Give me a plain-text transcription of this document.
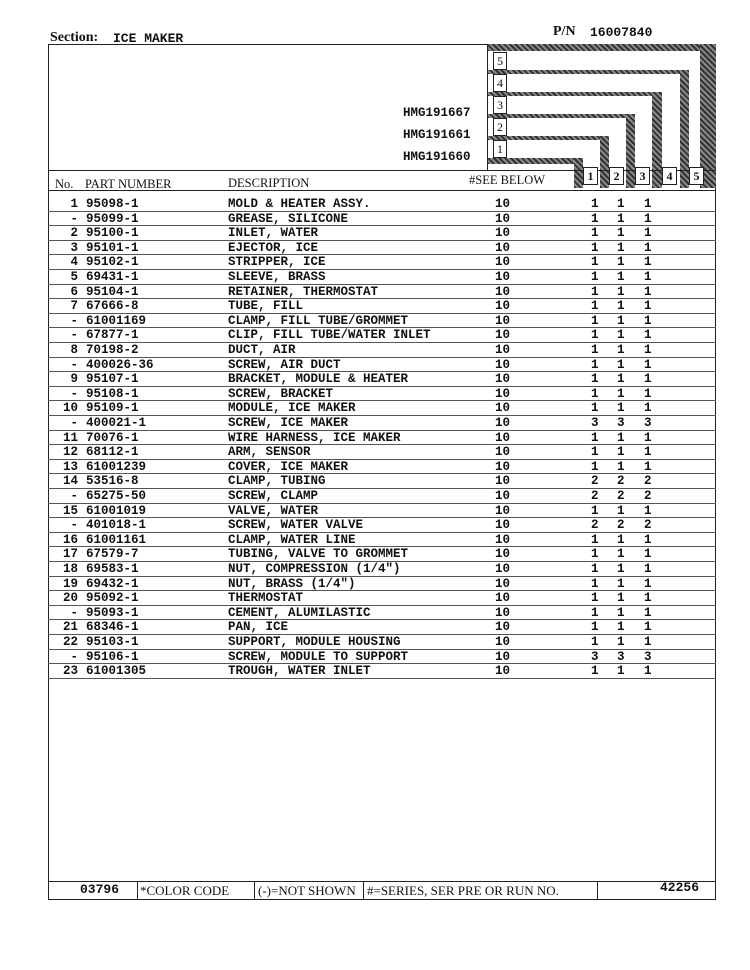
Section: ICE MAKER	P/N 16007840
5
4
3
2
1
HMG191667
HMG191661
HMG191660
No. PART NUMBER	DESCRIPTION	#SEE BELOW	1	2	3	4	5
1 95098-1	MOLD & HEATER ASSY.	10	1 1 1
- 95099-1	GREASE, SILICONE	10	1 1 1
2 95100-1	INLET, WATER	10	1 1 1
3 95101-1	EJECTOR, ICE	10	1 1 1
4 95102-1	STRIPPER, ICE	10	1 1 1
5 69431-1	SLEEVE, BRASS	10	1 1 1
6 95104-1	RETAINER, THERMOSTAT	10	1 1 1
7 67666-8	TUBE, FILL	10	1 1 1
- 61001169	CLAMP, FILL TUBE/GROMMET	10	1 1 1
- 67877-1	CLIP, FILL TUBE/WATER INLET	10	1 1 1
8 70198-2	DUCT, AIR	10	1 1 1
- 400026-36	SCREW, AIR DUCT	10	1 1 1
9 95107-1	BRACKET, MODULE & HEATER	10	1 1 1
- 95108-1	SCREW, BRACKET	10	1 1 1
10 95109-1	MODULE, ICE MAKER	10	1 1 1
- 400021-1	SCREW, ICE MAKER	10	3 3 3
11 70076-1	WIRE HARNESS, ICE MAKER	10	1 1 1
12 68112-1	ARM, SENSOR	10	1 1 1
13 61001239	COVER, ICE MAKER	10	1 1 1
14 53516-8	CLAMP, TUBING	10	2 2 2
- 65275-50	SCREW, CLAMP	10	2 2 2
15 61001019	VALVE, WATER	10	1 1 1
- 401018-1	SCREW, WATER VALVE	10	2 2 2
16 61001161	CLAMP, WATER LINE	10	1 1 1
17 67579-7	TUBING, VALVE TO GROMMET	10	1 1 1
18 69583-1	NUT, COMPRESSION (1/4")	10	1 1 1
19 69432-1	NUT, BRASS (1/4")	10	1 1 1
20 95092-1	THERMOSTAT	10	1 1 1
- 95093-1	CEMENT, ALUMILASTIC	10	1 1 1
21 68346-1	PAN, ICE	10	1 1 1
22 95103-1	SUPPORT, MODULE HOUSING	10	1 1 1
- 95106-1	SCREW, MODULE TO SUPPORT	10	3 3 3
23 61001305	TROUGH, WATER INLET	10	1 1 1
03796 *COLOR CODE (-)=NOT SHOWN #=SERIES, SER PRE OR RUN NO.	42256
